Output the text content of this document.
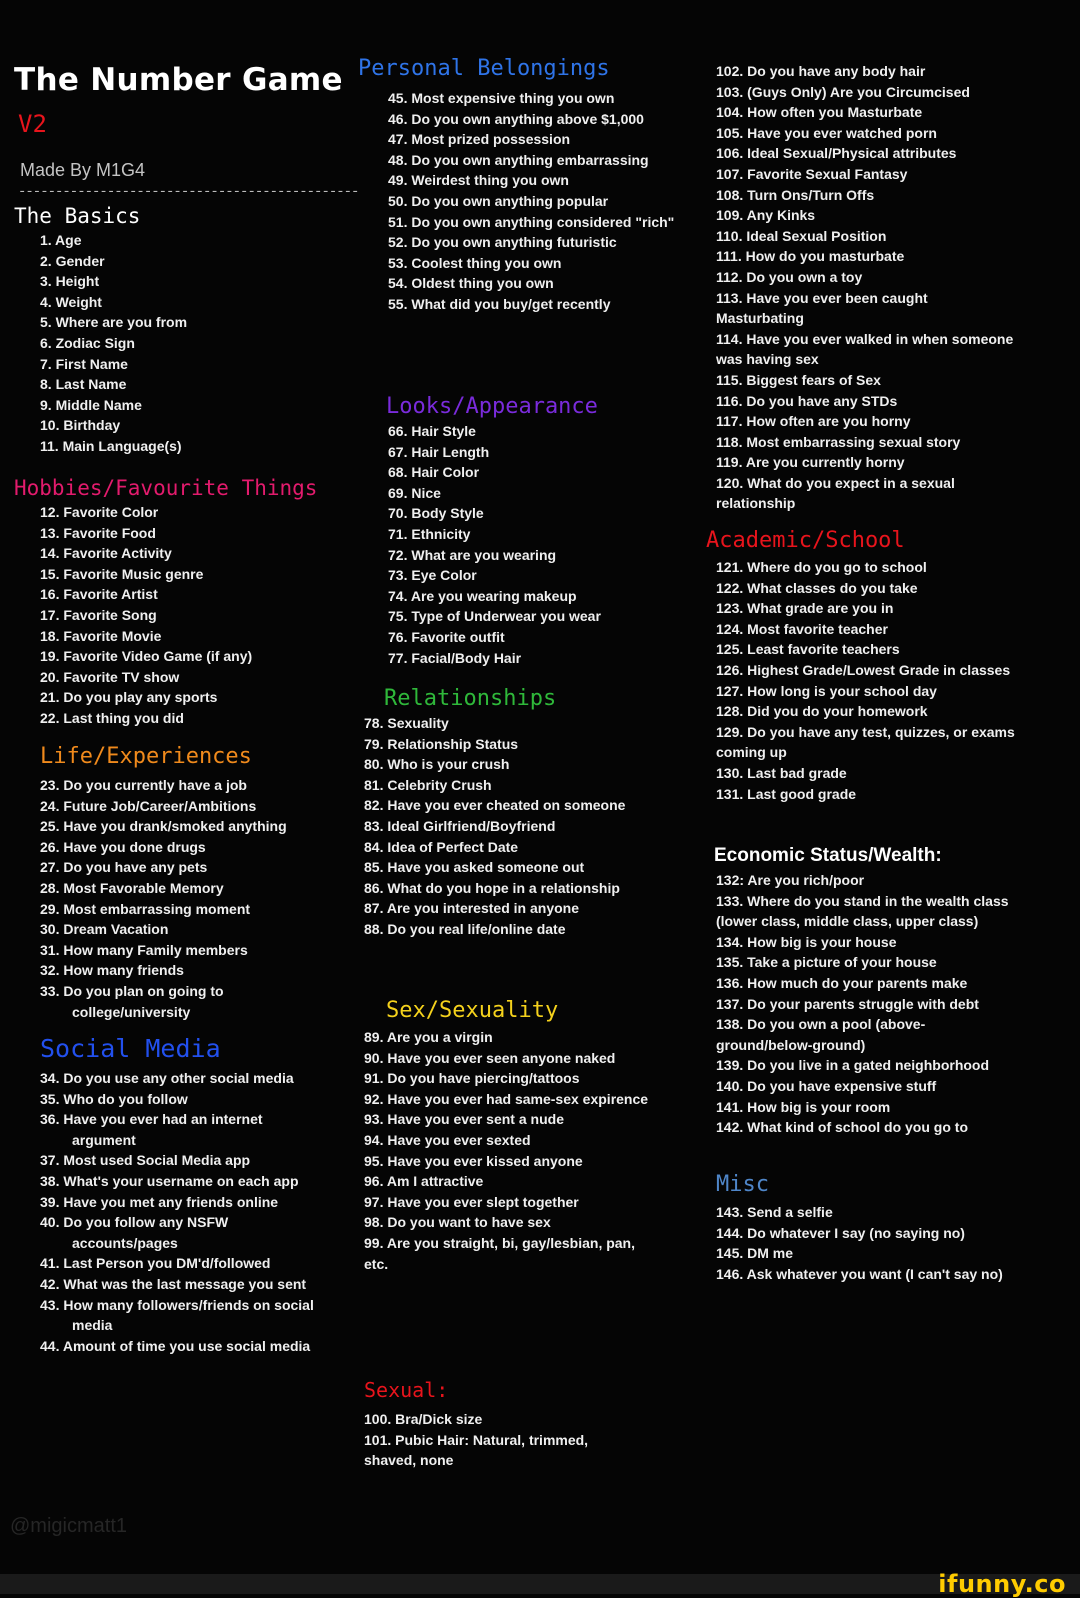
The Number Game
V2
Made By M1G4
----------------------------------------------
The Basics
1. Age
2. Gender
3. Height
4. Weight
5. Where are you from
6. Zodiac Sign
7. First Name
8. Last Name
9. Middle Name
10. Birthday
11. Main Language(s)
Hobbies/Favourite Things
12. Favorite Color
13. Favorite Food
14. Favorite Activity
15. Favorite Music genre
16. Favorite Artist
17. Favorite Song
18. Favorite Movie
19. Favorite Video Game (if any)
20. Favorite TV show
21. Do you play any sports
22. Last thing you did
Life/Experiences
23. Do you currently have a job
24. Future Job/Career/Ambitions
25. Have you drank/smoked anything
26. Have you done drugs
27. Do you have any pets
28. Most Favorable Memory
29. Most embarrassing moment
30. Dream Vacation
31. How many Family members
32. How many friends
33. Do you plan on going to college/university
Social Media
34. Do you use any other social media
35. Who do you follow
36. Have you ever had an internet argument
37. Most used Social Media app
38. What's your username on each app
39. Have you met any friends online
40. Do you follow any NSFW accounts/pages
41. Last Person you DM'd/followed
42. What was the last message you sent
43. How many followers/friends on social media
44. Amount of time you use social media
Personal Belongings
45. Most expensive thing you own
46. Do you own anything above $1,000
47. Most prized possession
48. Do you own anything embarrassing
49. Weirdest thing you own
50. Do you own anything popular
51. Do you own anything considered "rich"
52. Do you own anything futuristic
53. Coolest thing you own
54. Oldest thing you own
55. What did you buy/get recently
Looks/Appearance
66. Hair Style
67. Hair Length
68. Hair Color
69. Nice
70. Body Style
71. Ethnicity
72. What are you wearing
73. Eye Color
74. Are you wearing makeup
75. Type of Underwear you wear
76. Favorite outfit
77. Facial/Body Hair
Relationships
78. Sexuality
79. Relationship Status
80. Who is your crush
81. Celebrity Crush
82. Have you ever cheated on someone
83. Ideal Girlfriend/Boyfriend
84. Idea of Perfect Date
85. Have you asked someone out
86. What do you hope in a relationship
87. Are you interested in anyone
88. Do you real life/online date
Sex/Sexuality
89. Are you a virgin
90. Have you ever seen anyone naked
91. Do you have piercing/tattoos
92. Have you ever had same-sex expirence
93. Have you ever sent a nude
94. Have you ever sexted
95. Have you ever kissed anyone
96. Am I attractive
97. Have you ever slept together
98. Do you want to have sex
99. Are you straight, bi, gay/lesbian, pan, etc.
Sexual:
100. Bra/Dick size
101. Pubic Hair: Natural, trimmed, shaved, none
102. Do you have any body hair
103. (Guys Only) Are you Circumcised
104. How often you Masturbate
105. Have you ever watched porn
106. Ideal Sexual/Physical attributes
107. Favorite Sexual Fantasy
108. Turn Ons/Turn Offs
109. Any Kinks
110. Ideal Sexual Position
111. How do you masturbate
112. Do you own a toy
113. Have you ever been caught Masturbating
114. Have you ever walked in when someone was having sex
115. Biggest fears of Sex
116. Do you have any STDs
117. How often are you horny
118. Most embarrassing sexual story
119. Are you currently horny
120. What do you expect in a sexual relationship
Academic/School
121. Where do you go to school
122. What classes do you take
123. What grade are you in
124. Most favorite teacher
125. Least favorite teachers
126. Highest Grade/Lowest Grade in classes
127. How long is your school day
128. Did you do your homework
129. Do you have any test, quizzes, or exams coming up
130. Last bad grade
131. Last good grade
Economic Status/Wealth:
132: Are you rich/poor
133. Where do you stand in the wealth class (lower class, middle class, upper class)
134. How big is your house
135. Take a picture of your house
136. How much do your parents make
137. Do your parents struggle with debt
138. Do you own a pool (above-ground/below-ground)
139. Do you live in a gated neighborhood
140. Do you have expensive stuff
141. How big is your room
142. What kind of school do you go to
Misc
143. Send a selfie
144. Do whatever I say (no saying no)
145. DM me
146. Ask whatever you want (I can't say no)
@migicmatt1
ifunny.co
